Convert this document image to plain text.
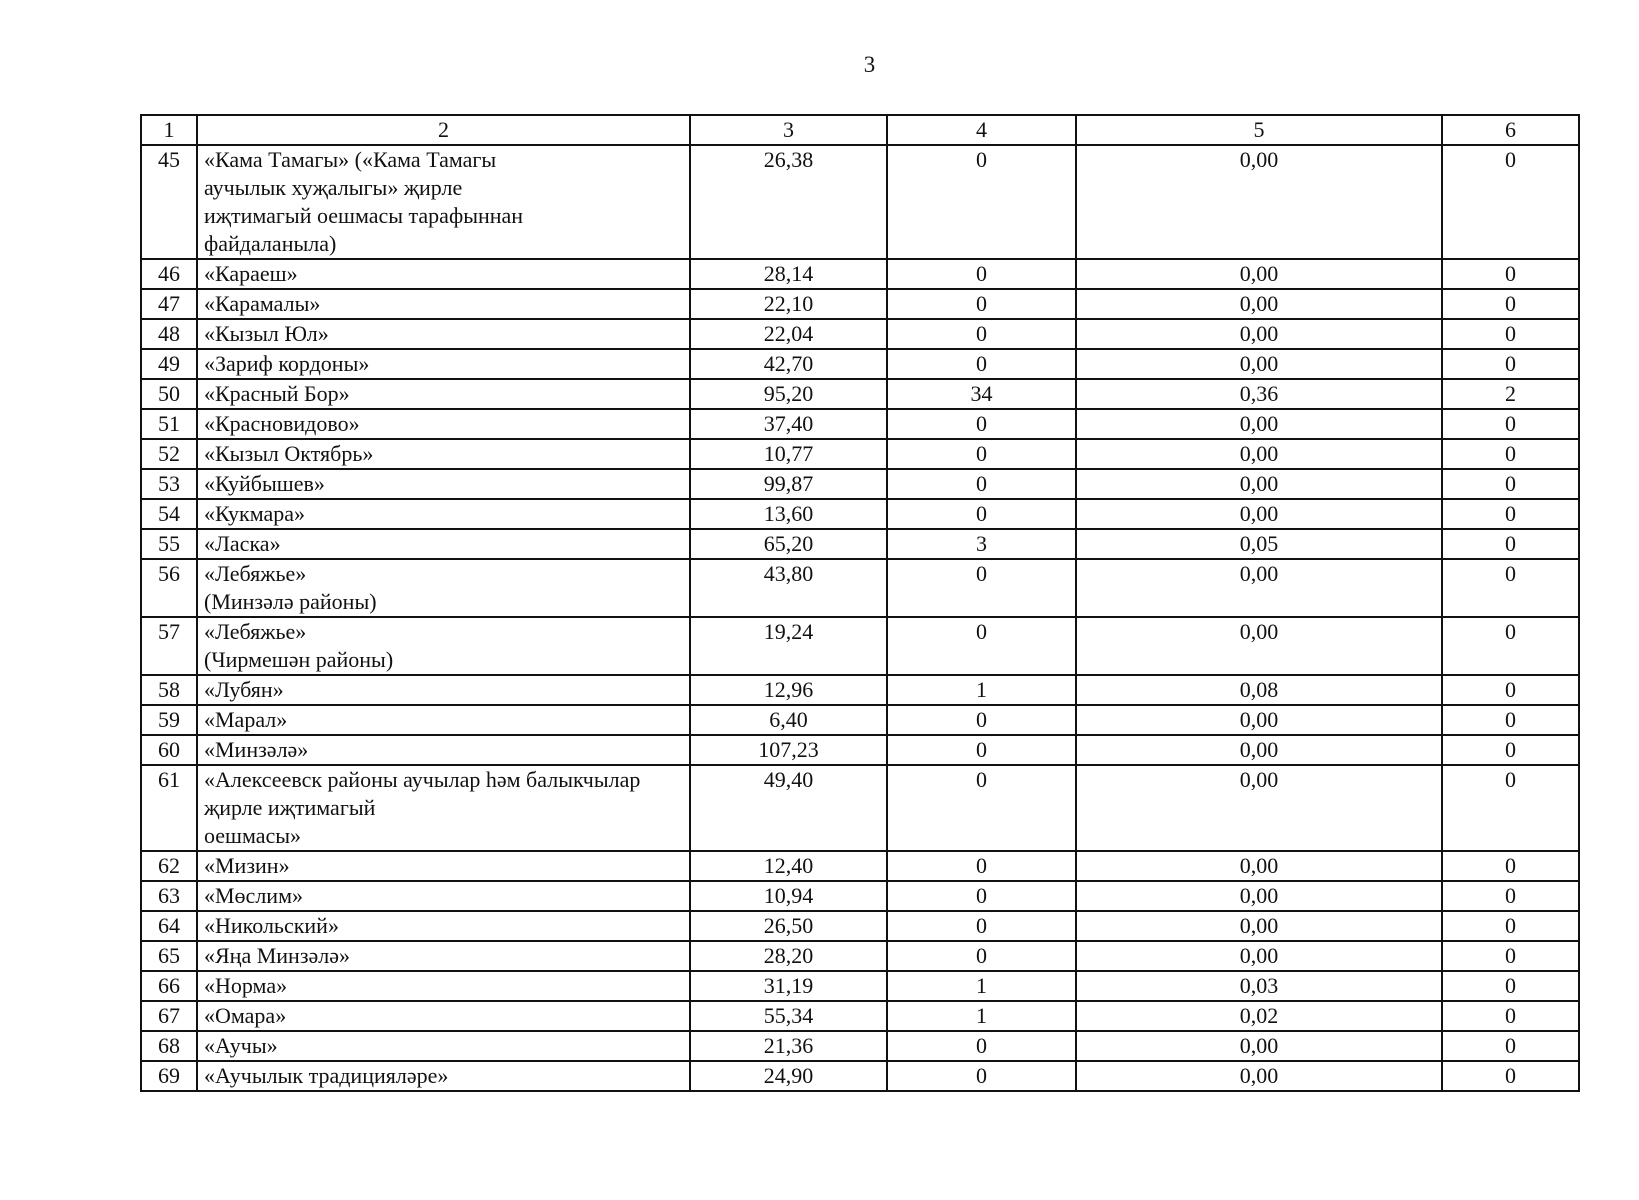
3
1	2	3	4	5	6
45	«Кама Тамагы» («Кама Тамагы
аучылык хуҗалыгы» җирле
иҗтимагый оешмасы тарафыннан
файдаланыла)	26,38	0	0,00	0
46	«Караеш»	28,14	0	0,00	0
47	«Карамалы»	22,10	0	0,00	0
48	«Кызыл Юл»	22,04	0	0,00	0
49	«Зариф кордоны»	42,70	0	0,00	0
50	«Красный Бор»	95,20	34	0,36	2
51	«Красновидово»	37,40	0	0,00	0
52	«Кызыл Октябрь»	10,77	0	0,00	0
53	«Куйбышев»	99,87	0	0,00	0
54	«Кукмара»	13,60	0	0,00	0
55	«Ласка»	65,20	3	0,05	0
56	«Лебяжье»
(Минзәлә районы)	43,80	0	0,00	0
57	«Лебяжье»
(Чирмешән районы)	19,24	0	0,00	0
58	«Лубян»	12,96	1	0,08	0
59	«Марал»	6,40	0	0,00	0
60	«Минзәлә»	107,23	0	0,00	0
61	«Алексеевск районы аучылар һәм балыкчылар
җирле иҗтимагый
оешмасы»	49,40	0	0,00	0
62	«Мизин»	12,40	0	0,00	0
63	«Мөслим»	10,94	0	0,00	0
64	«Никольский»	26,50	0	0,00	0
65	«Яңа Минзәлә»	28,20	0	0,00	0
66	«Норма»	31,19	1	0,03	0
67	«Омара»	55,34	1	0,02	0
68	«Аучы»	21,36	0	0,00	0
69	«Аучылык традицияләре»	24,90	0	0,00	0
